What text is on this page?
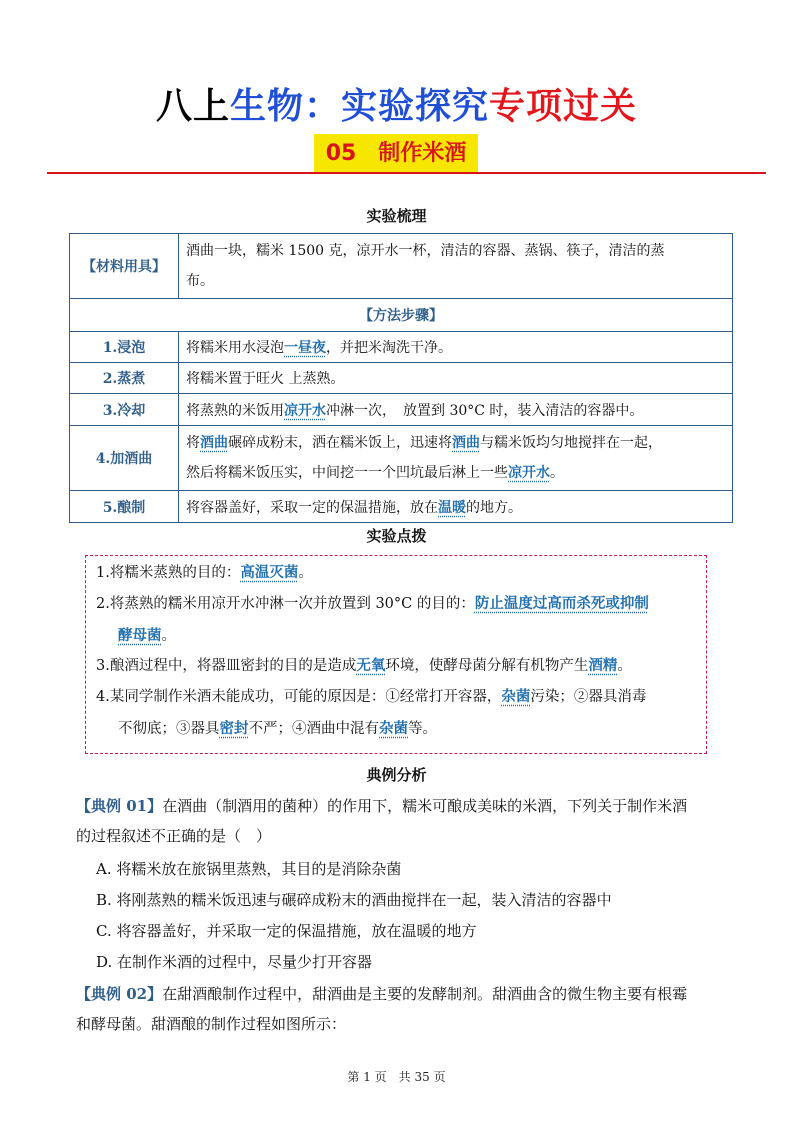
八上生物：实验探究专项过关
05　制作米酒
实验梳理
【材料用具】	酒曲一块，糯米 1500 克，凉开水一杯，清洁的容器、蒸锅、筷子，清洁的蒸
布。
【方法步骤】	
1.浸泡	将糯米用水浸泡一昼夜，并把米淘洗干净。
2.蒸煮	将糯米置于旺火 上蒸熟。
3.冷却	将蒸熟的米饭用凉开水冲淋一次，　放置到 30°C 时，装入清洁的容器中。
4.加酒曲	将酒曲碾碎成粉末，洒在糯米饭上，迅速将酒曲与糯米饭均匀地搅拌在一起，
然后将糯米饭压实，中间挖一一个凹坑最后淋上一些凉开水。
5.酿制	将容器盖好，采取一定的保温措施，放在温暖的地方。
实验点拨
1.将糯米蒸熟的目的：高温灭菌。
2.将蒸熟的糯米用凉开水冲淋一次并放置到 30°C 的目的：防止温度过高而杀死或抑制
酵母菌。
3.酿酒过程中，将器皿密封的目的是造成无氧环境，使酵母菌分解有机物产生酒精。
4.某同学制作米酒未能成功，可能的原因是：①经常打开容器，杂菌污染；②器具消毒
不彻底；③器具密封不严；④酒曲中混有杂菌等。
典例分析
【典例 01】在酒曲（制酒用的菌种）的作用下，糯米可酿成美味的米酒，下列关于制作米酒
的过程叙述不正确的是（　）
A. 将糯米放在旅锅里蒸熟，其目的是消除杂菌
B. 将刚蒸熟的糯米饭迅速与碾碎成粉末的酒曲搅拌在一起，装入清洁的容器中
C. 将容器盖好，并采取一定的保温措施，放在温暖的地方
D. 在制作米酒的过程中，尽量少打开容器
【典例 02】在甜酒酿制作过程中，甜酒曲是主要的发酵制剂。甜酒曲含的微生物主要有根霉
和酵母菌。甜酒酿的制作过程如图所示：
第 1 页　共 35 页
